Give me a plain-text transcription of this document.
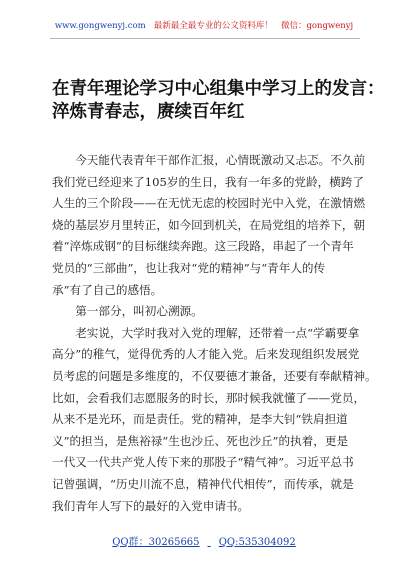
www.gongwenyj.com 最新最全最专业的公文资料库！ 微信：gongwenyj
在青年理论学习中心组集中学习上的发言：
淬炼青春志，赓续百年红

今天能代表青年干部作汇报，心情既激动又忐忑。不久前
我们党已经迎来了105岁的生日，我有一年多的党龄，横跨了
人生的三个阶段——在无忧无虑的校园时光中入党，在激情燃
烧的基层岁月里转正，如今回到机关，在局党组的培养下，朝
着“淬炼成钢”的目标继续奔跑。这三段路，串起了一个青年
党员的“三部曲”，也让我对“党的精神”与“青年人的传
承”有了自己的感悟。

第一部分，叫初心溯源。

老实说，大学时我对入党的理解，还带着一点“学霸要拿
高分”的稚气，觉得优秀的人才能入党。后来发现组织发展党
员考虑的问题是多维度的，不仅要德才兼备，还要有奉献精神。
比如，会看我们志愿服务的时长，那时候我就懂了——党员，
从来不是光环，而是责任。党的精神，是李大钊“铁肩担道
义”的担当，是焦裕禄“生也沙丘、死也沙丘”的执着，更是
一代又一代共产党人传下来的那股子“精气神”。习近平总书
记曾强调，“历史川流不息，精神代代相传”，而传承，就是
我们青年人写下的最好的入党申请书。

QQ群：30265665 QQ:535304092
